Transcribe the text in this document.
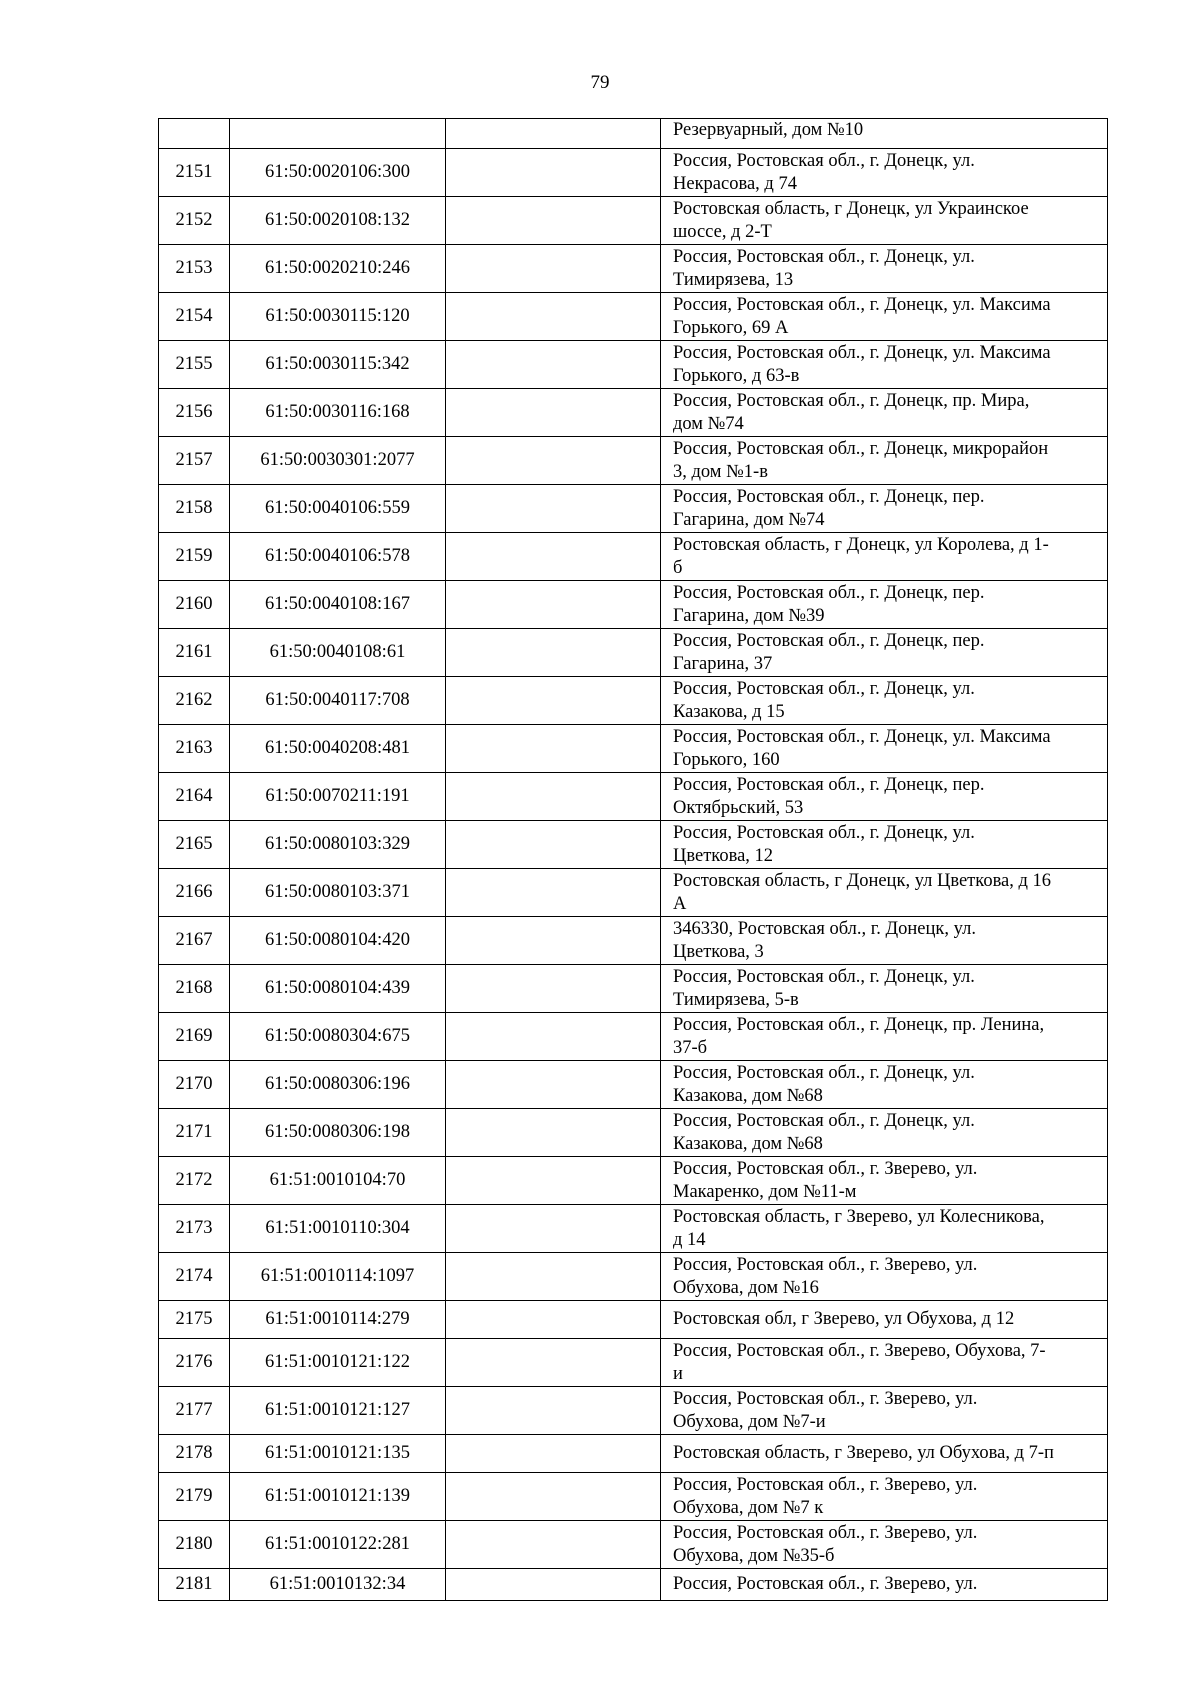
79

			Резервуарный, дом №10

2151	61:50:0020106:300		Россия, Ростовская обл., г. Донецк, ул.
Некрасова, д 74

2152	61:50:0020108:132		Ростовская область, г Донецк, ул Украинское
шоссе, д 2-Т

2153	61:50:0020210:246		Россия, Ростовская обл., г. Донецк, ул.
Тимирязева, 13

2154	61:50:0030115:120		Россия, Ростовская обл., г. Донецк, ул. Максима
Горького, 69 А

2155	61:50:0030115:342		Россия, Ростовская обл., г. Донецк, ул. Максима
Горького, д 63-в

2156	61:50:0030116:168		Россия, Ростовская обл., г. Донецк, пр. Мира,
дом №74

2157	61:50:0030301:2077		Россия, Ростовская обл., г. Донецк, микрорайон
3, дом №1-в

2158	61:50:0040106:559		Россия, Ростовская обл., г. Донецк, пер.
Гагарина, дом №74

2159	61:50:0040106:578		Ростовская область, г Донецк, ул Королева, д 1-
б

2160	61:50:0040108:167		Россия, Ростовская обл., г. Донецк, пер.
Гагарина, дом №39

2161	61:50:0040108:61		Россия, Ростовская обл., г. Донецк, пер.
Гагарина, 37

2162	61:50:0040117:708		Россия, Ростовская обл., г. Донецк, ул.
Казакова, д 15

2163	61:50:0040208:481		Россия, Ростовская обл., г. Донецк, ул. Максима
Горького, 160

2164	61:50:0070211:191		Россия, Ростовская обл., г. Донецк, пер.
Октябрьский, 53

2165	61:50:0080103:329		Россия, Ростовская обл., г. Донецк, ул.
Цветкова, 12

2166	61:50:0080103:371		Ростовская область, г Донецк, ул Цветкова, д 16
А

2167	61:50:0080104:420		346330, Ростовская обл., г. Донецк, ул.
Цветкова, 3

2168	61:50:0080104:439		Россия, Ростовская обл., г. Донецк, ул.
Тимирязева, 5-в

2169	61:50:0080304:675		Россия, Ростовская обл., г. Донецк, пр. Ленина,
37-б

2170	61:50:0080306:196		Россия, Ростовская обл., г. Донецк, ул.
Казакова, дом №68

2171	61:50:0080306:198		Россия, Ростовская обл., г. Донецк, ул.
Казакова, дом №68

2172	61:51:0010104:70		Россия, Ростовская обл., г. Зверево, ул.
Макаренко, дом №11-м

2173	61:51:0010110:304		Ростовская область, г Зверево, ул Колесникова,
д 14

2174	61:51:0010114:1097		Россия, Ростовская обл., г. Зверево, ул.
Обухова, дом №16

2175	61:51:0010114:279		Ростовская обл, г Зверево, ул Обухова, д 12

2176	61:51:0010121:122		Россия, Ростовская обл., г. Зверево, Обухова, 7-
и

2177	61:51:0010121:127		Россия, Ростовская обл., г. Зверево, ул.
Обухова, дом №7-и

2178	61:51:0010121:135		Ростовская область, г Зверево, ул Обухова, д 7-п

2179	61:51:0010121:139		Россия, Ростовская обл., г. Зверево, ул.
Обухова, дом №7 к

2180	61:51:0010122:281		Россия, Ростовская обл., г. Зверево, ул.
Обухова, дом №35-б

2181	61:51:0010132:34		Россия, Ростовская обл., г. Зверево, ул.
